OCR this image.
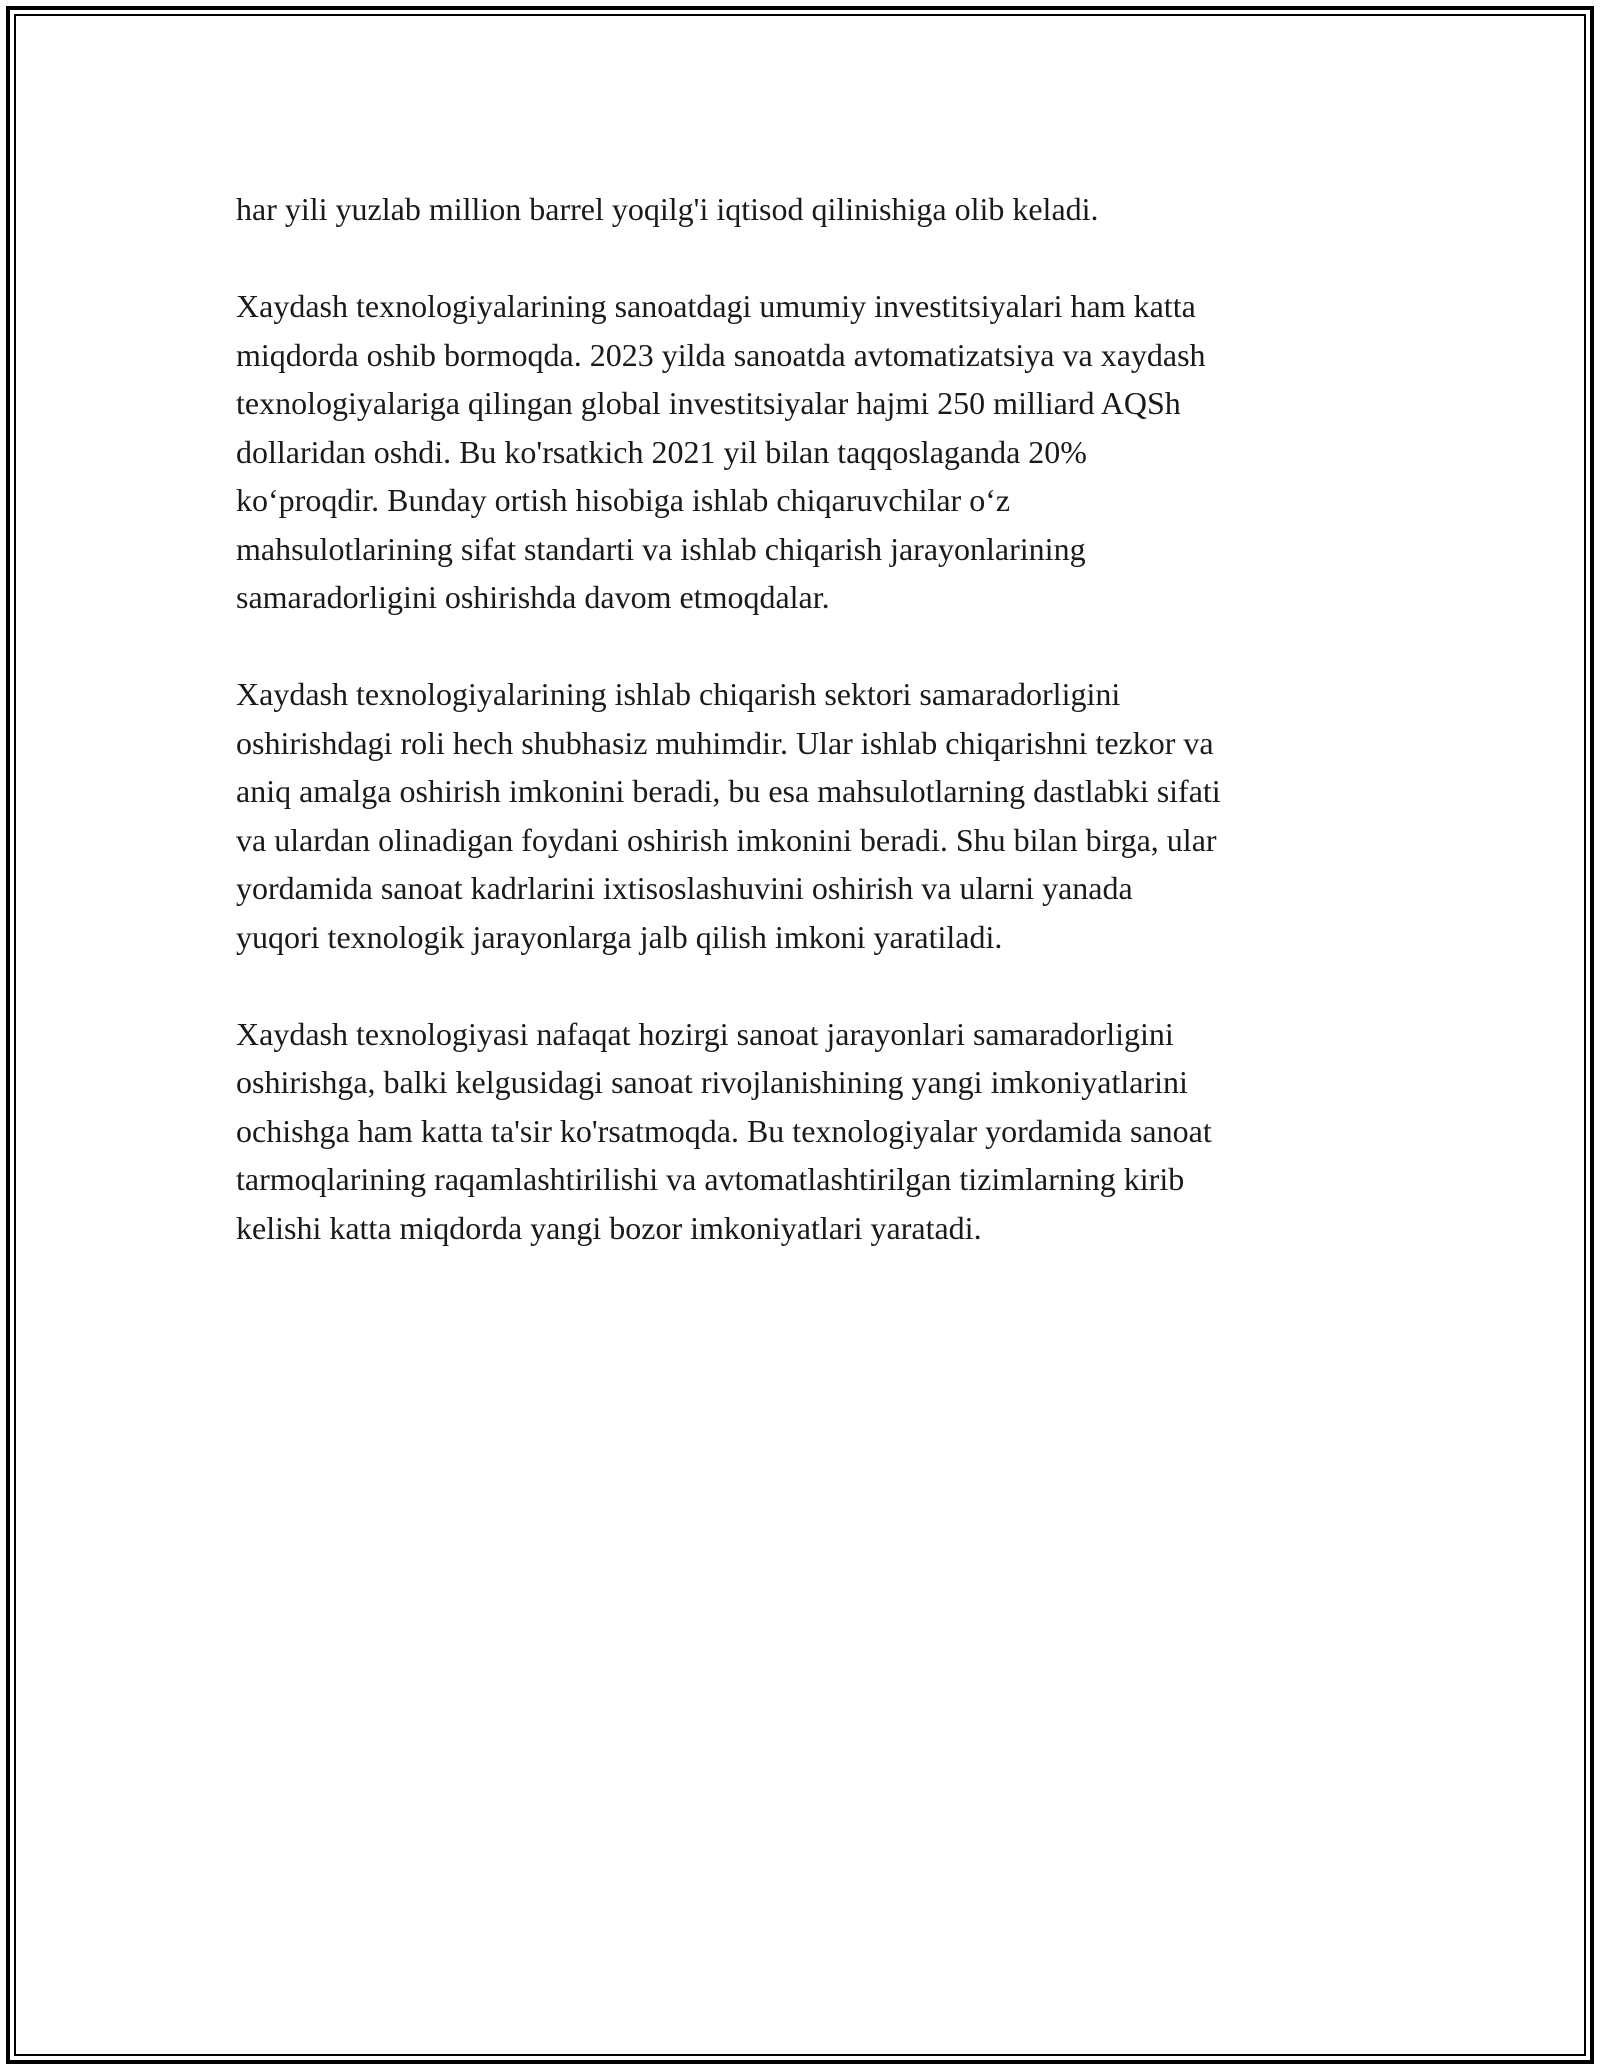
har yili yuzlab million barrel yoqilg'i iqtisod qilinishiga olib keladi.

Xaydash texnologiyalarining sanoatdagi umumiy investitsiyalari ham katta
miqdorda oshib bormoqda. 2023 yilda sanoatda avtomatizatsiya va xaydash
texnologiyalariga qilingan global investitsiyalar hajmi 250 milliard AQSh
dollaridan oshdi. Bu ko'rsatkich 2021 yil bilan taqqoslaganda 20%
ko‘proqdir. Bunday ortish hisobiga ishlab chiqaruvchilar o‘z
mahsulotlarining sifat standarti va ishlab chiqarish jarayonlarining
samaradorligini oshirishda davom etmoqdalar.

Xaydash texnologiyalarining ishlab chiqarish sektori samaradorligini
oshirishdagi roli hech shubhasiz muhimdir. Ular ishlab chiqarishni tezkor va
aniq amalga oshirish imkonini beradi, bu esa mahsulotlarning dastlabki sifati
va ulardan olinadigan foydani oshirish imkonini beradi. Shu bilan birga, ular
yordamida sanoat kadrlarini ixtisoslashuvini oshirish va ularni yanada
yuqori texnologik jarayonlarga jalb qilish imkoni yaratiladi.

Xaydash texnologiyasi nafaqat hozirgi sanoat jarayonlari samaradorligini
oshirishga, balki kelgusidagi sanoat rivojlanishining yangi imkoniyatlarini
ochishga ham katta ta'sir ko'rsatmoqda. Bu texnologiyalar yordamida sanoat
tarmoqlarining raqamlashtirilishi va avtomatlashtirilgan tizimlarning kirib
kelishi katta miqdorda yangi bozor imkoniyatlari yaratadi.
